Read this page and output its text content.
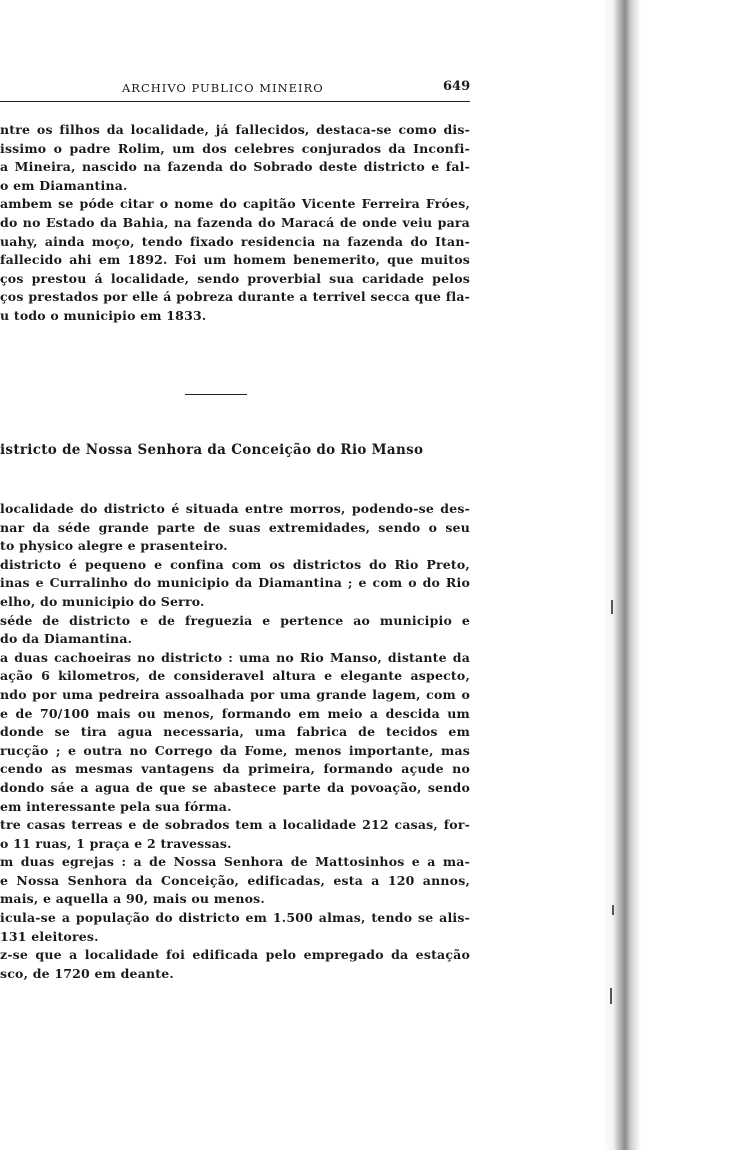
ARCHIVO PUBLICO MINEIRO	649
ntre os filhos da localidade, já fallecidos, destaca-se como dis-
issimo o padre Rolim, um dos celebres conjurados da Inconfi-
a Mineira, nascido na fazenda do Sobrado deste districto e fal-
o em Diamantina.
ambem se póde citar o nome do capitão Vicente Ferreira Fróes,
do no Estado da Bahia, na fazenda do Maracá de onde veiu para
uahy, ainda moço, tendo fixado residencia na fazenda do Itan-
fallecido ahi em 1892. Foi um homem benemerito, que muitos
ços prestou á localidade, sendo proverbial sua caridade pelos
ços prestados por elle á pobreza durante a terrivel secca que fla-
u todo o municipio em 1833.
istricto de Nossa Senhora da Conceição do Rio Manso
localidade do districto é situada entre morros, podendo-se des-
nar da séde grande parte de suas extremidades, sendo o seu
to physico alegre e prasenteiro.
districto é pequeno e confina com os districtos do Rio Preto,
inas e Curralinho do municipio da Diamantina ; e com o do Rio
elho, do municipio do Serro.
séde de districto e de freguezia e pertence ao municipio e
do da Diamantina.
a duas cachoeiras no districto : uma no Rio Manso, distante da
ação 6 kilometros, de consideravel altura e elegante aspecto,
ndo por uma pedreira assoalhada por uma grande lagem, com o
e de 70/100 mais ou menos, formando em meio a descida um
donde se tira agua necessaria, uma fabrica de tecidos em
rucção ; e outra no Corrego da Fome, menos importante, mas
cendo as mesmas vantagens da primeira, formando açude no
dondo sáe a agua de que se abastece parte da povoação, sendo
em interessante pela sua fórma.
tre casas terreas e de sobrados tem a localidade 212 casas, for-
o 11 ruas, 1 praça e 2 travessas.
m duas egrejas : a de Nossa Senhora de Mattosinhos e a ma-
e Nossa Senhora da Conceição, edificadas, esta a 120 annos,
mais, e aquella a 90, mais ou menos.
icula-se a população do districto em 1.500 almas, tendo se alis-
131 eleitores.
z-se que a localidade foi edificada pelo empregado da estação
sco, de 1720 em deante.
